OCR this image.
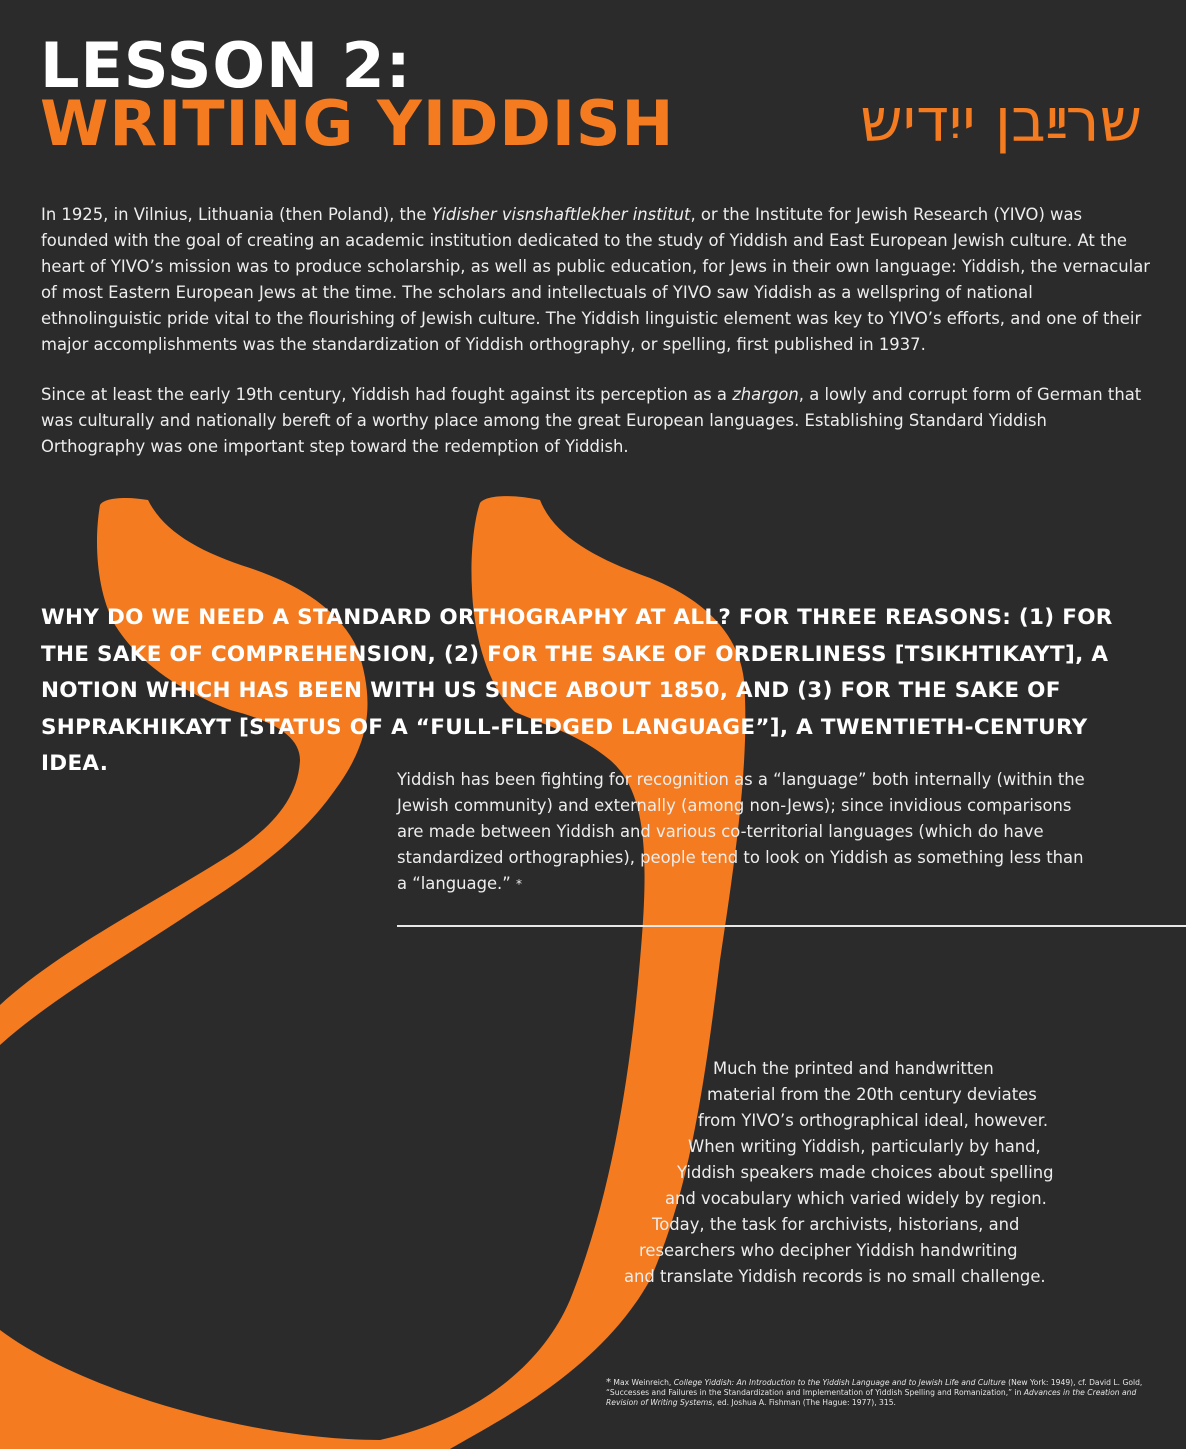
LESSON 2:
WRITING YIDDISH	שרײַבן ייִדיש

In 1925, in Vilnius, Lithuania (then Poland), the Yidisher visnshaftlekher institut, or the Institute for Jewish Research (YIVO) was founded with the goal of creating an academic institution dedicated to the study of Yiddish and East European Jewish culture. At the heart of YIVO’s mission was to produce scholarship, as well as public education, for Jews in their own language: Yiddish, the vernacular of most Eastern European Jews at the time. The scholars and intellectuals of YIVO saw Yiddish as a wellspring of national ethnolinguistic pride vital to the flourishing of Jewish culture. The Yiddish linguistic element was key to YIVO’s efforts, and one of their major accomplishments was the standardization of Yiddish orthography, or spelling, first published in 1937.

Since at least the early 19th century, Yiddish had fought against its perception as a zhargon, a lowly and corrupt form of German that was culturally and nationally bereft of a worthy place among the great European languages. Establishing Standard Yiddish Orthography was one important step toward the redemption of Yiddish.

WHY DO WE NEED A STANDARD ORTHOGRAPHY AT ALL? FOR THREE REASONS: (1) FOR THE SAKE OF COMPREHENSION, (2) FOR THE SAKE OF ORDERLINESS [TSIKHTIKAYT], A NOTION WHICH HAS BEEN WITH US SINCE ABOUT 1850, AND (3) FOR THE SAKE OF SHPRAKHIKAYT [STATUS OF A “FULL-FLEDGED LANGUAGE”], A TWENTIETH-CENTURY IDEA.

Yiddish has been fighting for recognition as a “language” both internally (within the Jewish community) and externally (among non-Jews); since invidious comparisons are made between Yiddish and various co-territorial languages (which do have standardized orthographies), people tend to look on Yiddish as something less than a “language.” *

Much the printed and handwritten
material from the 20th century deviates
from YIVO’s orthographical ideal, however.
When writing Yiddish, particularly by hand,
Yiddish speakers made choices about spelling
and vocabulary which varied widely by region.
Today, the task for archivists, historians, and
researchers who decipher Yiddish handwriting
and translate Yiddish records is no small challenge.

* Max Weinreich, College Yiddish: An Introduction to the Yiddish Language and to Jewish Life and Culture (New York: 1949), cf. David L. Gold, “Successes and Failures in the Standardization and Implementation of Yiddish Spelling and Romanization,” in Advances in the Creation and Revision of Writing Systems, ed. Joshua A. Fishman (The Hague: 1977), 315.
